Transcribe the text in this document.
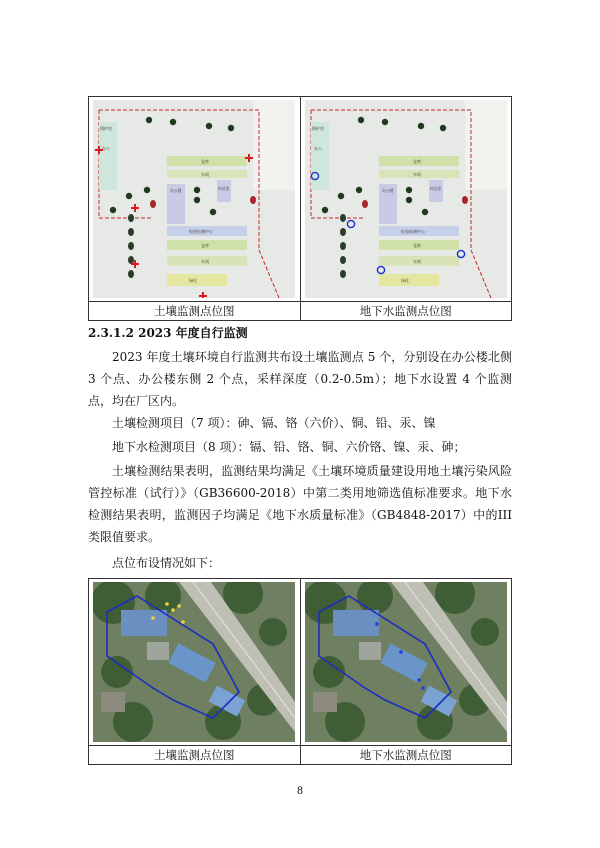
锅炉房
办公
仓库
车间
办公楼	传达室
检验检测中心
仓库
车间
绿化
锅炉房
办公
仓库
车间
办公楼	传达室
检验检测中心
仓库
车间
绿化
土壤监测点位图	地下水监测点位图
2.3.1.2 2023 年度自行监测

2023 年度土壤环境自行监测共布设土壤监测点 5 个，分别设在办公楼北侧 3 个点、办公楼东侧 2 个点，采样深度（0.2-0.5m）；地下水设置 4 个监测点，均在厂区内。

土壤检测项目（7 项）：砷、镉、铬（六价）、铜、铅、汞、镍

地下水检测项目（8 项）：镉、铅、铬、铜、六价铬、镍、汞、砷；

土壤检测结果表明，监测结果均满足《土壤环境质量建设用地土壤污染风险管控标准（试行）》（GB36600-2018）中第二类用地筛选值标准要求。地下水检测结果表明，监测因子均满足《地下水质量标准》（GB4848-2017）中的III类限值要求。

点位布设情况如下：

土壤监测点位图	地下水监测点位图
8
